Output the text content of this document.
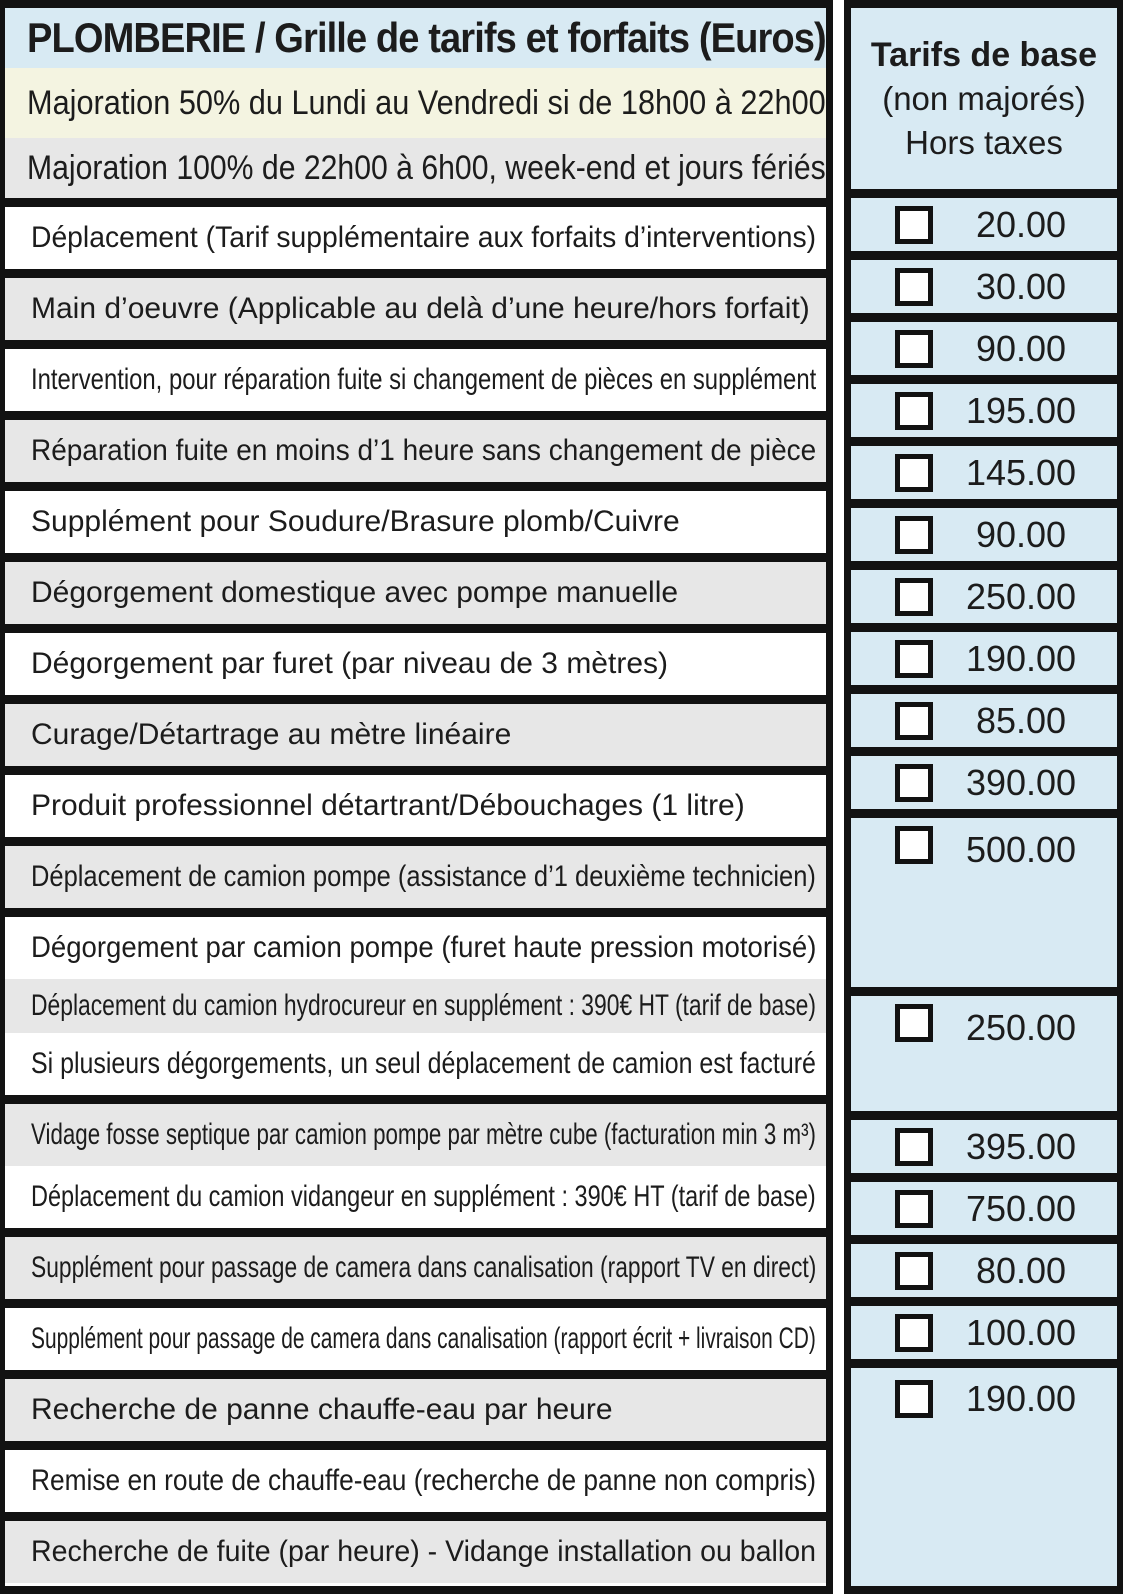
PLOMBERIE / Grille de tarifs et forfaits (Euros)
Majoration 50% du Lundi au Vendredi si de 18h00 à 22h00
Majoration 100% de 22h00 à 6h00, week-end et jours fériés
Déplacement (Tarif supplémentaire aux forfaits d’interventions)
Main d’oeuvre (Applicable au delà d’une heure/hors forfait)
Intervention, pour réparation fuite si changement de pièces en supplément
Réparation fuite en moins d’1 heure sans changement de pièce
Supplément pour Soudure/Brasure plomb/Cuivre
Dégorgement domestique avec pompe manuelle
Dégorgement par furet (par niveau de 3 mètres)
Curage/Détartrage au mètre linéaire
Produit professionnel détartrant/Débouchages (1 litre)
Déplacement de camion pompe (assistance d’1 deuxième technicien)
Dégorgement par camion pompe (furet haute pression motorisé)
Déplacement du camion hydrocureur en supplément : 390€ HT (tarif de base)
Si plusieurs dégorgements, un seul déplacement de camion est facturé
Vidage fosse septique par camion pompe par mètre cube (facturation min 3 m³)
Déplacement du camion vidangeur en supplément : 390€ HT (tarif de base)
Supplément pour passage de camera dans canalisation (rapport TV en direct)
Supplément pour passage de camera dans canalisation (rapport écrit + livraison CD)
Recherche de panne chauffe-eau par heure
Remise en route de chauffe-eau (recherche de panne non compris)
Recherche de fuite (par heure) - Vidange installation ou ballon
Tarifs de base
(non majorés)
Hors taxes
20.00
30.00
90.00
195.00
145.00
90.00
250.00
190.00
85.00
390.00
500.00
250.00
395.00
750.00
80.00
100.00
190.00
